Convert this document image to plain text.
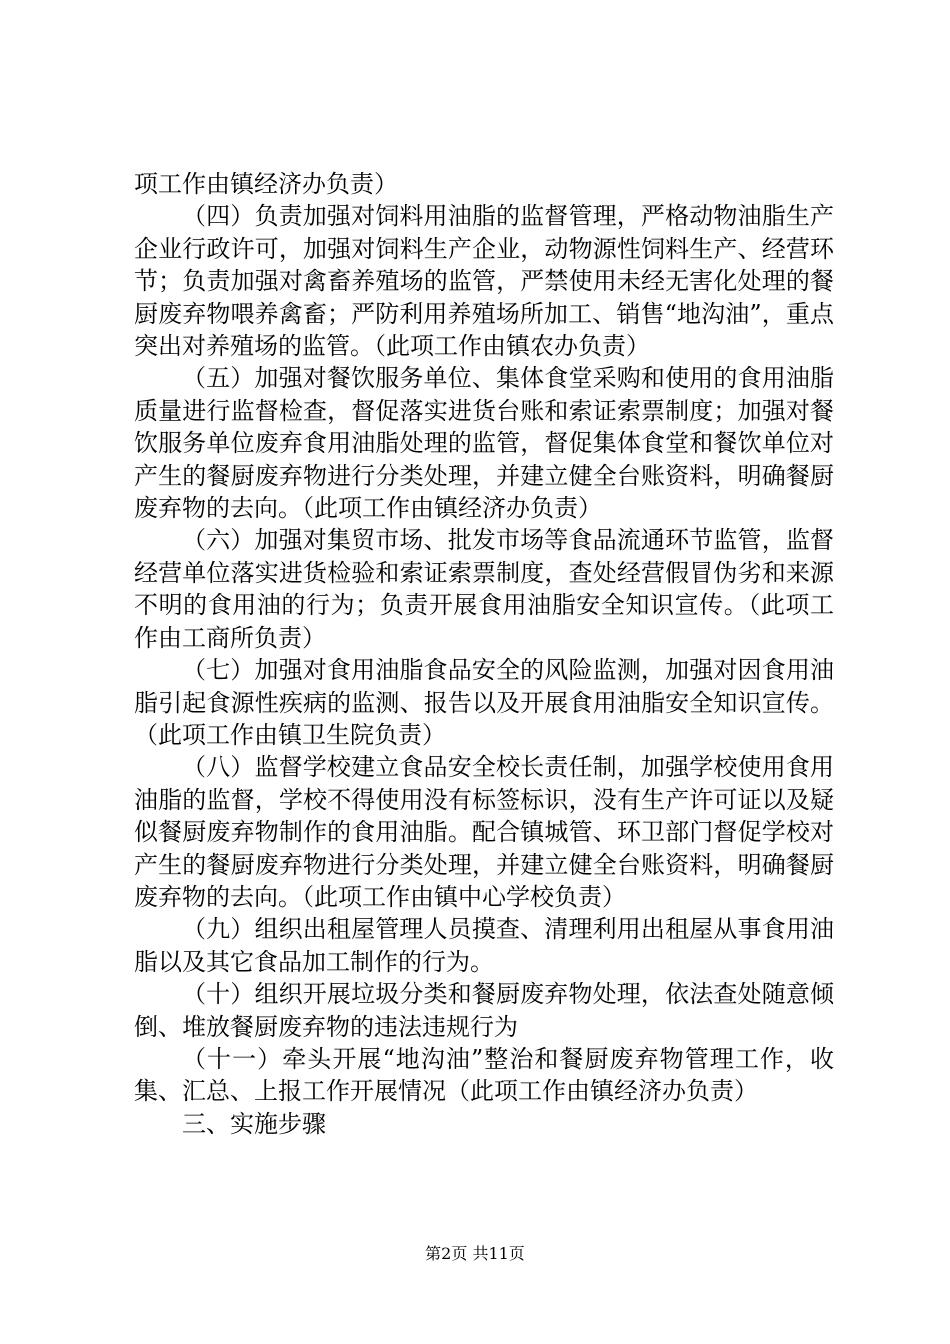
项工作由镇经济办负责）

（四）负责加强对饲料用油脂的监督管理，严格动物油脂生产企业行政许可，加强对饲料生产企业，动物源性饲料生产、经营环节；负责加强对禽畜养殖场的监管，严禁使用未经无害化处理的餐厨废弃物喂养禽畜；严防利用养殖场所加工、销售“地沟油”，重点突出对养殖场的监管。（此项工作由镇农办负责）

（五）加强对餐饮服务单位、集体食堂采购和使用的食用油脂质量进行监督检查，督促落实进货台账和索证索票制度；加强对餐饮服务单位废弃食用油脂处理的监管，督促集体食堂和餐饮单位对产生的餐厨废弃物进行分类处理，并建立健全台账资料，明确餐厨废弃物的去向。（此项工作由镇经济办负责）

（六）加强对集贸市场、批发市场等食品流通环节监管，监督经营单位落实进货检验和索证索票制度，查处经营假冒伪劣和来源不明的食用油的行为；负责开展食用油脂安全知识宣传。（此项工作由工商所负责）

（七）加强对食用油脂食品安全的风险监测，加强对因食用油脂引起食源性疾病的监测、报告以及开展食用油脂安全知识宣传。（此项工作由镇卫生院负责）

（八）监督学校建立食品安全校长责任制，加强学校使用食用油脂的监督，学校不得使用没有标签标识，没有生产许可证以及疑似餐厨废弃物制作的食用油脂。配合镇城管、环卫部门督促学校对产生的餐厨废弃物进行分类处理，并建立健全台账资料，明确餐厨废弃物的去向。（此项工作由镇中心学校负责）

（九）组织出租屋管理人员摸查、清理利用出租屋从事食用油脂以及其它食品加工制作的行为。

（十）组织开展垃圾分类和餐厨废弃物处理，依法查处随意倾倒、堆放餐厨废弃物的违法违规行为

（十一）牵头开展“地沟油”整治和餐厨废弃物管理工作，收集、汇总、上报工作开展情况（此项工作由镇经济办负责）

三、实施步骤

第2页 共11页
